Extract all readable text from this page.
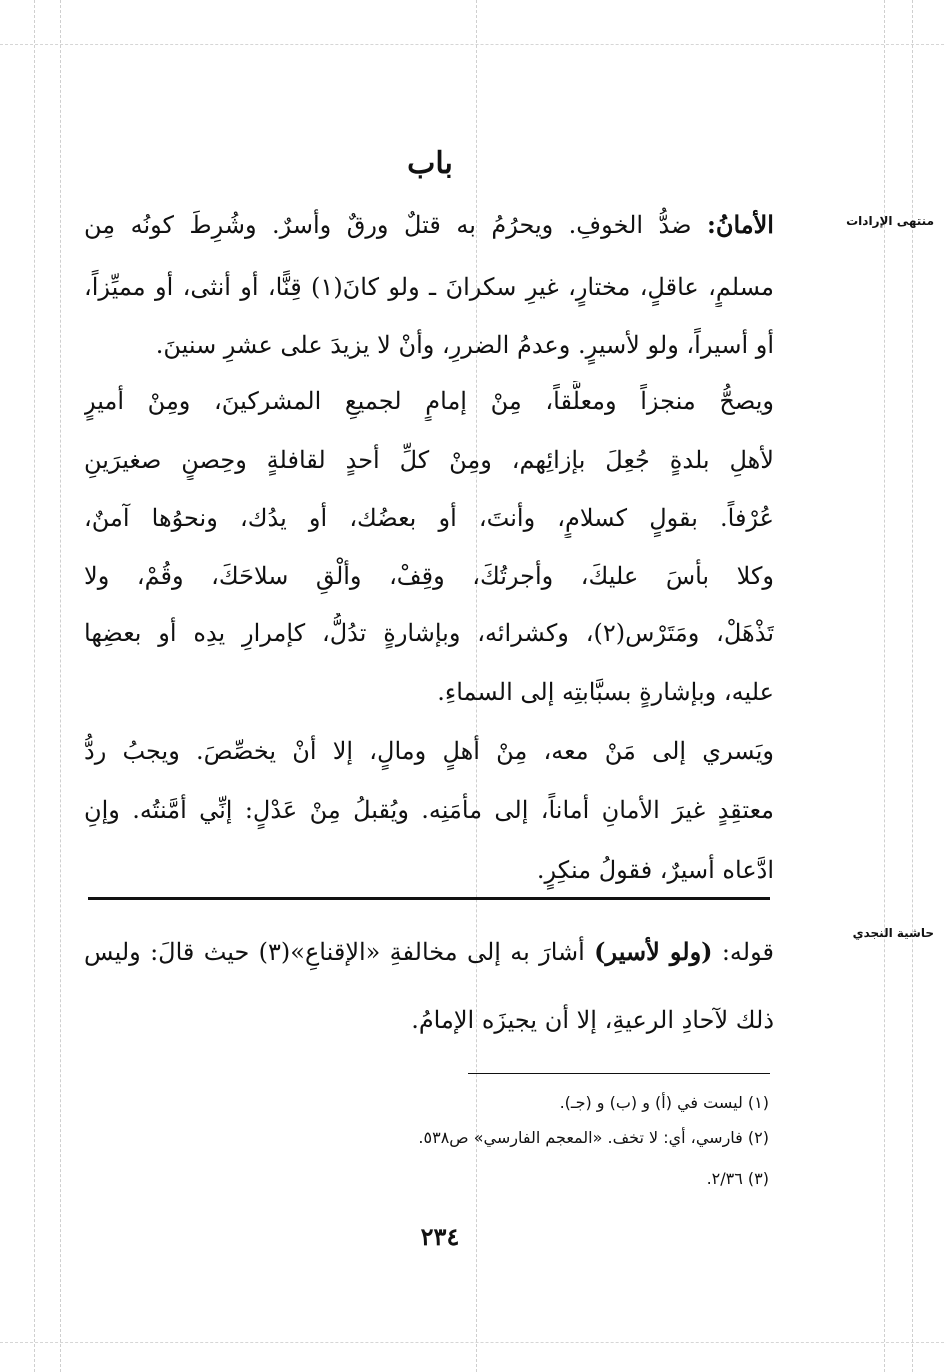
باب
منتهى الإرادات
حاشية النجدي
الأمانُ: ضدُّ الخوفِ. ويحرُمُ به قتلٌ ورقٌ وأسرٌ. وشُرِطَ كونُه مِن
مسلمٍ، عاقلٍ، مختارٍ، غيرِ سكرانَ ـ ولو كانَ(١) قِنًّا، أو أنثى، أو مميِّزاً،
أو أسيراً، ولو لأسيرٍ. وعدمُ الضررِ، وأنْ لا يزيدَ على عشرِ سنينَ.
ويصحُّ منجزاً ومعلَّقاً، مِنْ إمامٍ لجميعِ المشركينَ، ومِنْ أميرٍ
لأهلِ بلدةٍ جُعِلَ بإزائِهم، ومِنْ كلِّ أحدٍ لقافلةٍ وحِصنٍ صغيرَينِ
عُرْفاً. بقولٍ كسلامٍ، وأنتَ، أو بعضُك، أو يدُك، ونحوُها آمنٌ،
وكلا بأسَ عليكَ، وأجرتُكَ، وقِفْ، وألْقِ سلاحَكَ، وقُمْ، ولا
تَذْهَلْ، ومَتَرْس(٢)، وكشرائه، وبإشارةٍ تدُلُّ، كإمرارِ يدِه أو بعضِها
عليه، وبإشارةٍ بسبَّابتِه إلى السماءِ.
ويَسري إلى مَنْ معه، مِنْ أهلٍ ومالٍ، إلا أنْ يخصِّصَ. ويجبُ ردُّ
معتقِدٍ غيرَ الأمانِ أماناً، إلى مأمَنِه. ويُقبلُ مِنْ عَدْلٍ: إنِّي أمَّنتُه. وإنِ
ادَّعاه أسيرٌ، فقولُ منكِرٍ.
قوله: (ولو لأسير) أشارَ به إلى مخالفةِ «الإقناعِ»(٣) حيث قالَ: وليس
ذلك لآحادِ الرعيةِ، إلا أن يجيزَه الإمامُ.
(١) ليست في (أ) و (ب) و (جـ).
(٢) فارسي، أي: لا تخف. «المعجم الفارسي» ص٥٣٨.
(٣) ٢/٣٦.
٢٣٤
